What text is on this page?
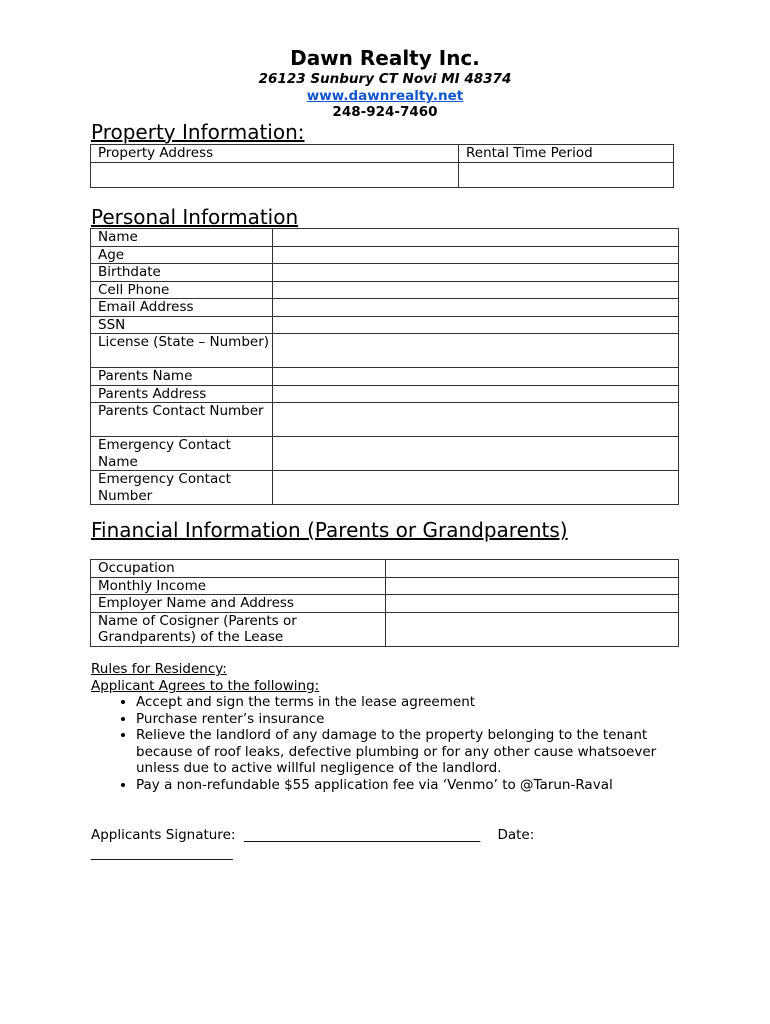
Dawn Realty Inc.
26123 Sunbury CT Novi MI 48374
www.dawnrealty.net
248-924-7460
Property Information:
Property Address	Rental Time Period

Personal Information
Name	
Age	
Birthdate	
Cell Phone	
Email Address	
SSN	
License (State – Number)	
Parents Name	
Parents Address	
Parents Contact Number	
Emergency Contact Name	
Emergency Contact Number	
Financial Information (Parents or Grandparents)
Occupation	
Monthly Income	
Employer Name and Address	
Name of Cosigner (Parents or Grandparents) of the Lease	
Rules for Residency:
Applicant Agrees to the following:
• Accept and sign the terms in the lease agreement
• Purchase renter’s insurance
• Relieve the landlord of any damage to the property belonging to the tenant because of roof leaks, defective plumbing or for any other cause whatsoever unless due to active willful negligence of the landlord.
• Pay a non-refundable $55 application fee via ‘Venmo’ to @Tarun-Raval
Applicants Signature: ___________________________________ Date:
_____________________
